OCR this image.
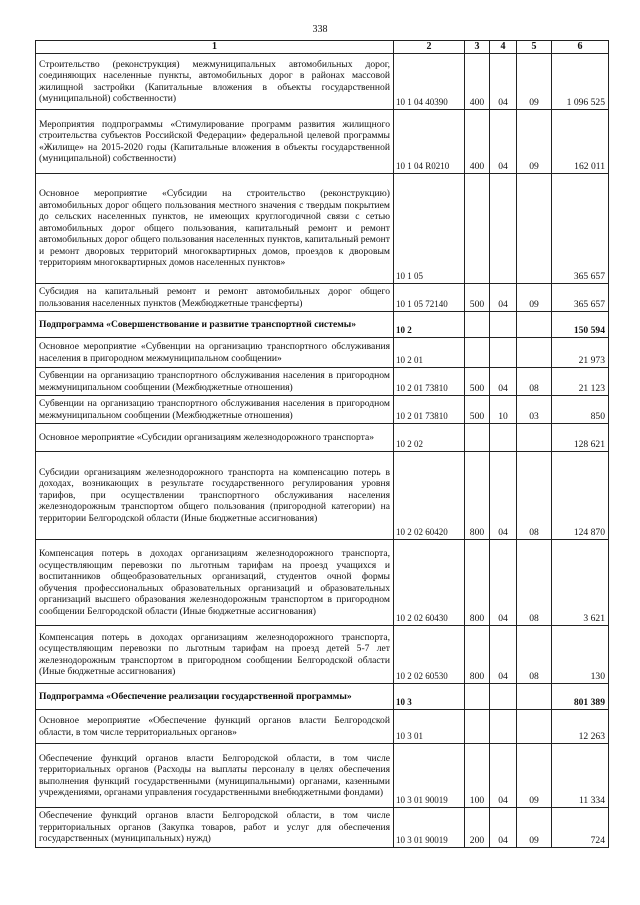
338
1	2	3	4	5	6
Строительство (реконструкция) межмуниципальных автомобильных дорог, соединяющих населенные пункты, автомобильных дорог в районах массовой жилищной застройки (Капитальные вложения в объекты государственной (муниципальной) собственности)	10 1 04 40390	400	04	09	1 096 525
Мероприятия подпрограммы «Стимулирование программ развития жилищного строительства субъектов Российской Федерации» федеральной целевой программы «Жилище» на 2015-2020 годы (Капитальные вложения в объекты государственной (муниципальной) собственности)	10 1 04 R0210	400	04	09	162 011
Основное мероприятие «Субсидии на строительство (реконструкцию) автомобильных дорог общего пользования местного значения с твердым покрытием до сельских населенных пунктов, не имеющих круглогодичной связи с сетью автомобильных дорог общего пользования, капитальный ремонт и ремонт автомобильных дорог общего пользования населенных пунктов, капитальный ремонт и ремонт дворовых территорий многоквартирных домов, проездов к дворовым территориям многоквартирных домов населенных пунктов»	10 1 05				365 657
Субсидия на капитальный ремонт и ремонт автомобильных дорог общего пользования населенных пунктов (Межбюджетные трансферты)	10 1 05 72140	500	04	09	365 657
Подпрограмма «Совершенствование и развитие транспортной системы»	10 2				150 594
Основное мероприятие «Субвенции на организацию транспортного обслуживания населения в пригородном межмуниципальном сообщении»	10 2 01				21 973
Субвенции на организацию транспортного обслуживания населения в пригородном межмуниципальном сообщении (Межбюджетные отношения)	10 2 01 73810	500	04	08	21 123
Субвенции на организацию транспортного обслуживания населения в пригородном межмуниципальном сообщении (Межбюджетные отношения)	10 2 01 73810	500	10	03	850
Основное мероприятие «Субсидии организациям железнодорожного транспорта»	10 2 02				128 621
Субсидии организациям железнодорожного транспорта на компенсацию потерь в доходах, возникающих в результате государственного регулирования уровня тарифов, при осуществлении транспортного обслуживания населения железнодорожным транспортом общего пользования (пригородной категории) на территории Белгородской области (Иные бюджетные ассигнования)	10 2 02 60420	800	04	08	124 870
Компенсация потерь в доходах организациям железнодорожного транспорта, осуществляющим перевозки по льготным тарифам на проезд учащихся и воспитанников общеобразовательных организаций, студентов очной формы обучения профессиональных образовательных организаций и образовательных организаций высшего образования железнодорожным транспортом в пригородном сообщении Белгородской области (Иные бюджетные ассигнования)	10 2 02 60430	800	04	08	3 621
Компенсация потерь в доходах организациям железнодорожного транспорта, осуществляющим перевозки по льготным тарифам на проезд детей 5-7 лет железнодорожным транспортом в пригородном сообщении Белгородской области (Иные бюджетные ассигнования)	10 2 02 60530	800	04	08	130
Подпрограмма «Обеспечение реализации государственной программы»	10 3				801 389
Основное мероприятие «Обеспечение функций органов власти Белгородской области, в том числе территориальных органов»	10 3 01				12 263
Обеспечение функций органов власти Белгородской области, в том числе территориальных органов (Расходы на выплаты персоналу в целях обеспечения выполнения функций государственными (муниципальными) органами, казенными учреждениями, органами управления государственными внебюджетными фондами)	10 3 01 90019	100	04	09	11 334
Обеспечение функций органов власти Белгородской области, в том числе территориальных органов (Закупка товаров, работ и услуг для обеспечения государственных (муниципальных) нужд)	10 3 01 90019	200	04	09	724
